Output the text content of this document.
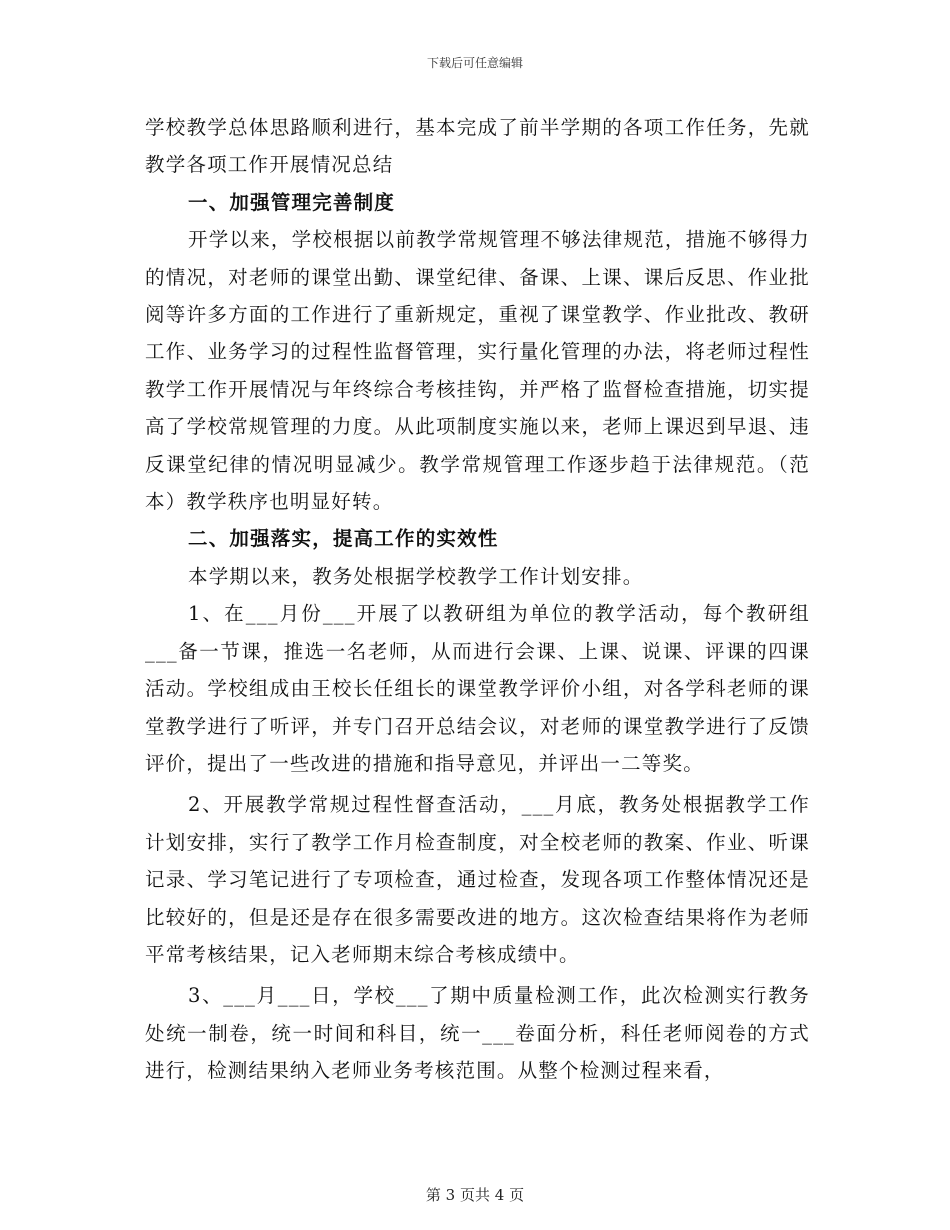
下载后可任意编辑

学校教学总体思路顺利进行，基本完成了前半学期的各项工作任务，先就教学各项工作开展情况总结

一、加强管理完善制度

开学以来，学校根据以前教学常规管理不够法律规范，措施不够得力的情况，对老师的课堂出勤、课堂纪律、备课、上课、课后反思、作业批阅等许多方面的工作进行了重新规定，重视了课堂教学、作业批改、教研工作、业务学习的过程性监督管理，实行量化管理的办法，将老师过程性教学工作开展情况与年终综合考核挂钩，并严格了监督检查措施，切实提高了学校常规管理的力度。从此项制度实施以来，老师上课迟到早退、违反课堂纪律的情况明显减少。教学常规管理工作逐步趋于法律规范。（范本）教学秩序也明显好转。

二、加强落实，提高工作的实效性

本学期以来，教务处根据学校教学工作计划安排。

1、在___月份___开展了以教研组为单位的教学活动，每个教研组___备一节课，推选一名老师，从而进行会课、上课、说课、评课的四课活动。学校组成由王校长任组长的课堂教学评价小组，对各学科老师的课堂教学进行了听评，并专门召开总结会议，对老师的课堂教学进行了反馈评价，提出了一些改进的措施和指导意见，并评出一二等奖。

2、开展教学常规过程性督查活动，___月底，教务处根据教学工作计划安排，实行了教学工作月检查制度，对全校老师的教案、作业、听课记录、学习笔记进行了专项检查，通过检查，发现各项工作整体情况还是比较好的，但是还是存在很多需要改进的地方。这次检查结果将作为老师平常考核结果，记入老师期末综合考核成绩中。

3、___月___日，学校___了期中质量检测工作，此次检测实行教务处统一制卷，统一时间和科目，统一___卷面分析，科任老师阅卷的方式进行，检测结果纳入老师业务考核范围。从整个检测过程来看，

第 3 页共 4 页
